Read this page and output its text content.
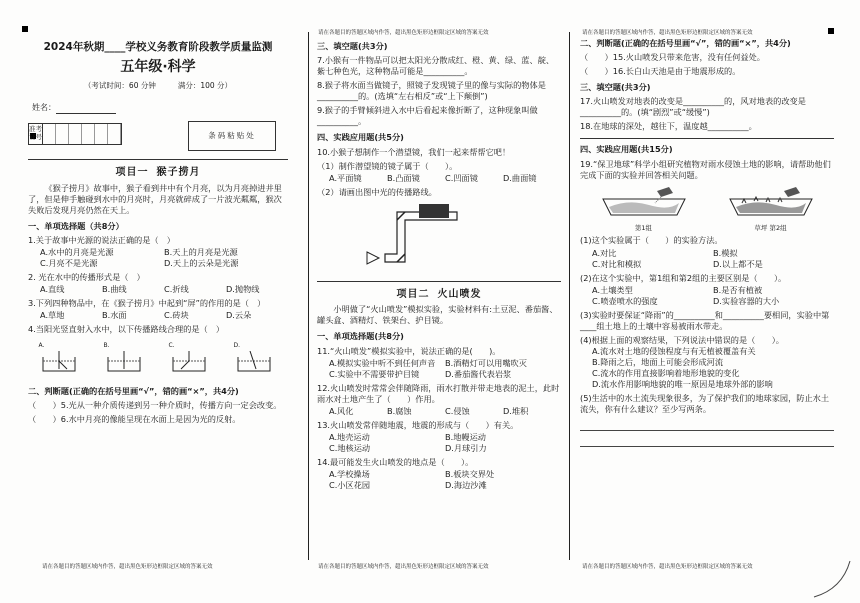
请在各题目的答题区域内作答，超出黑色矩形边框限定区域的答案无效	请在各题目的答题区域内作答，超出黑色矩形边框限定区域的答案无效
请在各题目的答题区域内作答，超出黑色矩形边框限定区域的答案无效	请在各题目的答题区域内作答，超出黑色矩形边框限定区域的答案无效	请在各题目的答题区域内作答，超出黑色矩形边框限定区域的答案无效
2024年秋期____学校义务教育阶段教学质量监测
五年级·科学
（考试时间：60 分钟	满分：100 分）
姓名：
准考证号	条码粘贴处
项目一 猴子捞月
《猴子捞月》故事中，猴子看到井中有个月亮，以为月亮掉进井里了，但是伸手触碰到水中的月亮时，月亮就碎成了一片波光粼粼，猴次失败后发现月亮仍然在天上。
一、单项选择题（共8分）
1.关于故事中光源的说法正确的是（　）
A.水中的月亮是光源	B.天上的月亮是光源
C.月亮不是光源	D.天上的云朵是光源
2. 光在水中的传播形式是（　）
A.直线	B.曲线	C.折线	D.抛物线
3.下列四种物品中，在《猴子捞月》中起到“屏”的作用的是（　）
A.草地	B.水面	C.砖块	D.云朵
4.当阳光竖直射入水中，以下传播路线合理的是（　）
A.	B.	C.	D.
二、判断题(正确的在括号里画“√”，错的画“×”，共4分)
（　　）5.光从一种介质传递到另一种介质时，传播方向一定会改变。
（　　）6.水中月亮的像能呈现在水面上是因为光的反射。
三、填空题(共3分)
7.小猴有一件物品可以把太阳光分散成红、橙、黄、绿、蓝、靛、紫七种色光，这种物品可能是__________。
8.猴子将水面当做镜子，照镜子发现镜子里的像与实际的物体是__________的。(选填“左右相反”或“上下颠倒”)
9.猴子的手臂倾斜进入水中后看起来像折断了，这种现象叫做__________。
四、实践应用题(共5分)
10.小猴子想制作一个潜望镜，我们一起来帮帮它吧！
（1）制作潜望镜的镜子属于（　　）。
A.平面镜	B.凸面镜	C.凹面镜	D.曲面镜
（2）请画出图中光的传播路线。
项目二 火山喷发
小明做了“火山喷发”模拟实验，实验材料有:土豆泥、番茄酱、罐头盒、酒精灯、铁架台、护目镜。
一、单项选择题(共8分)
11.“火山喷发”模拟实验中，说法正确的是(　　)。
A.模拟实验中听不到任何声音	B.酒精灯可以用嘴吹灭
C.实验中不需要带护目镜	D.番茄酱代表岩浆
12.火山喷发时常常会伴随降雨，雨水打散并带走地表的泥土，此时雨水对土地产生了（　　）作用。
A.风化	B.腐蚀	C.侵蚀	D.堆积
13.火山喷发常伴随地震，地震的形成与（　　）有关。
A.地壳运动	B.地幔运动
C.地核运动	D.月球引力
14.最可能发生火山喷发的地点是（　　）。
A.学校操场	B.板块交界处
C.小区花园	D.海边沙滩
二、判断题(正确的在括号里画“√”，错的画“×”，共4分)
（　　）15.火山喷发只带来危害，没有任何益处。
（　　）16.长白山天池是由于地震形成的。
三、填空题(共3分)
17.火山喷发对地表的改变是__________的，风对地表的改变是__________的。(填“剧烈”或“缓慢”)
18.在地球的深处，越往下，温度越__________。
四、实践应用题(共15分)
19.“保卫地球”科学小组研究植物对雨水侵蚀土地的影响，请帮助他们完成下面的实验并回答相关问题。
第1组	草坪 第2组
(1)这个实验属于（　　）的实验方法。
A.对比	B.模拟
C.对比和模拟	D.以上都不是
(2)在这个实验中，第1组和第2组的主要区别是（　　）。
A.土壤类型	B.是否有植被
C.喷壶喷水的强度	D.实验容器的大小
(3)实验时要保证“降雨”的__________和__________要相同，实验中第____组土地上的土壤中容易被雨水带走。
(4)根据上面的观察结果，下列说法中错误的是（　　）。
A.流水对土地的侵蚀程度与有无植被覆盖有关
B.降雨之后，地面上可能会形成河流
C.流水的作用直接影响着地形地貌的变化
D.流水作用影响地貌的唯一原因是地球外部的影响
(5)生活中的水土流失现象很多，为了保护我们的地球家园，防止水土流失，你有什么建议？至少写两条。
